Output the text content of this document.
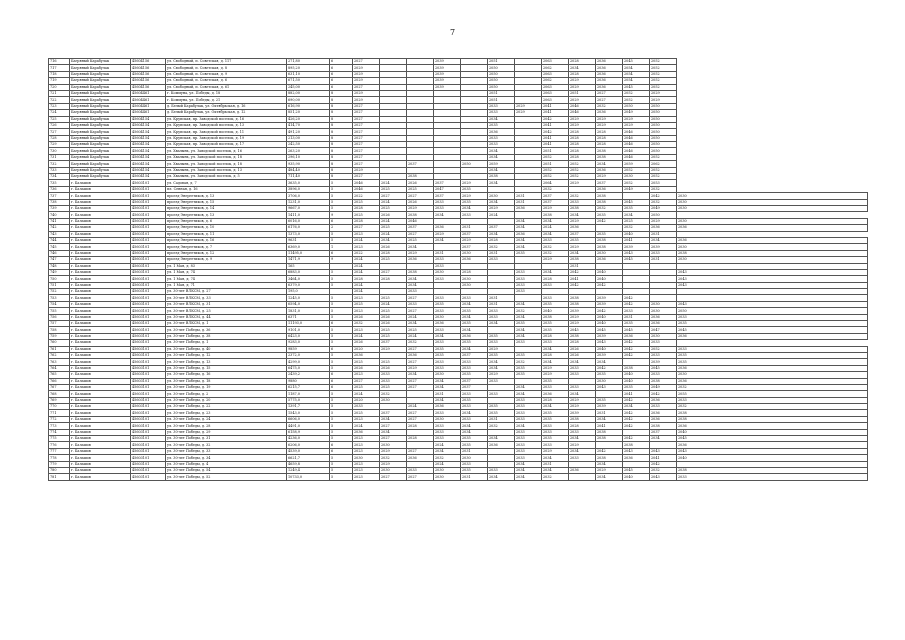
7
716	Багряный Карабулак	45604156	ул. Свободный, п. Советская, д. 117	271,80	6	2027			2039		2051		2063	2028	2036	2045	2052	
717	Багряный Карабулак	45604156	ул. Свободный, п. Советская, д. 8	895,20	6	2029			2039		2050		2062	2034	2036	2054	2052	
718	Багряный Карабулак	45604156	ул. Свободный, п. Советская, д. 9	631,10	6	2029			2039		2050		2063	2028	2036	2054	2052	
719	Багряный Карабулак	45604156	ул. Свободный, п. Советская, д. 6	671,50	6	2029			2039		2050		2062	2029	2036	2054	2052	
720	Багряный Карабулак	45604156	ул. Свободный, п. Советская, д. 61	245,00	6	2027			2039		2050		2063	2029	2036	2045	2052	
721	Багряный Карабулак	45604461	г. Коммуна, ул. Победы, д. 18	882,00	8	2029					2051		2063	2051	2027	2052	2029	
722	Багряный Карабулак	45604461	г. Коммуна, ул. Победы, д. 21	690,00	8	2029					2051		2063	2029	2027	2052	2029	
723	Багряный Карабулак	45604461	д. Белый Карабулак, ул. Октябрьская, д. 16	616,90	8	2027					2033	2029	2041	2046	2032	2050	2050	
724	Багряный Карабулак	45604461	д. Белый Карабулак, ул. Октябрьская, д. 12	851,20	8	2027					2033	2029	2041	2046	2036	2049	2050	
725	Багряный Карабулак	45604154	ул. Крупская, пр. Заводской поселок, д. 16	426,20	8	2027					2034		2042	2029	2029	2029	2050	
726	Багряный Карабулак	45604154	ул. Крупская, пр. Заводской поселок, д. 13	414,70	8	2027					2035		2041	2029	2029	2029	2050	
727	Багряный Карабулак	45604154	ул. Крупская, пр. Заводской поселок, д. 11	491,20	8	2027					2036		2042	2028	2028	2046	2050	
728	Багряный Карабулак	45604154	ул. Крупская, пр. Заводской поселок, д. 19	213,00	8	2027					2033		2041	2028	2028	2046	2050	
729	Багряный Карабулак	45604154	ул. Крупская, пр. Заводской поселок, д. 17	242,50	8	2027					2033		2041	2028	2028	2046	2050	
730	Багряный Карабулак	45604154	ул. Хвалынь, ул. Заводской поселок, д. 16	263,20	8	2027					2034		2051	2028	2038	2046	2050	
731	Багряный Карабулак	45604154	ул. Хвалынь, ул. Заводской поселок, д. 18	296,10	8	2027					2034		2052	2028	2038	2046	2052	
732	Багряный Карабулак	45604154	ул. Хвалынь, ул. Заводской поселок, д. 18	935,90	8	2027		2037		2050	2059		2051	2052	2034	2059	2062	
733	Багряный Карабулак	45604154	ул. Хвалынь, ул. Заводской поселок, д. 13	484,40	8	2029					2034		2052	2052	2036	2052	2052	
734	Багряный Карабулак	45604154	ул. Хвалынь, ул. Заводской поселок, д. 5	711,40	8	2027		2038			2038		2052	2052	2029	2030	2052	
735	г. Балашов	45603101	ул. Садовая, д. 7	3635,0	5	2046	2024	2026	2037	2029	2034		2064	2029	2037	2052	2053	
736	г. Балашов	45603101	пл. Сенная, д. 16	3896,0	5	2046	2025	2025	2047	2035			2032		2036	2049	2032	
737	г. Балашов	45603101	проезд Энергетиков, д. 13	3706,0	5	2022	2027	2027	2037	2029	2030	2031	2037	2032	2038		2042	2030
738	г. Балашов	45603101	проезд Энергетиков, д. 15	1231,0	5	2025	2024	2026	2033	2035	2034	2031	2037	2033	2038	2045	2032	2030
739	г. Балашов	45603101	проезд Энергетиков, д. 14	9667,0	5	2028	2025	2029	2033	2034	2029	2036	2029	2038	2032	2035	2049	2030
740	г. Балашов	45603101	проезд Энергетиков, д. 13	1411,0	9	2025	2026	2038	2034	2033	2024		2038	2034	2035	2034	2050	
741	г. Балашов	45603101	проезд Энергетиков, д. 6	6016,0	6	2028	2024	2046				2034	2034	2029	2042	2025	2029	2030
742	г. Балашов	45603101	проезд Энергетиков, д. 10	6176,0	2	2027	2025	2037	2036	2031	2037	2034	2024	2036		2032	2036	2036
743	г. Балашов	45603101	проезд Энергетиков, д. 11	1373,0	5	2023	2024	2027	2029	2037	2034	2036	2034	2037	2035	2040	2031	
744	г. Балашов	45603101	проезд Энергетиков, д. 16	9631	5	2024	2034	2025	2034	2029	2028	2034	2033	2035	2038	2041	2034	2036
745	г. Балашов	45603101	проезд Энергетиков, д. 7	6369,0	1	2023	2026	2034		2037	2032	2034	2032	2029	2038	2039	2039	2030
746	г. Балашов	45603101	проезд Энергетиков, д. 12	11495,0	6	2022	2028	2029	2031	2030	2031	2035	2032	2034	2030	2043	2033	2038
747	г. Балашов	45603101	проезд Энергетиков, д. 9	1471,9	9	2024	2025	2036	2033	2036	2033		2029	2038	2036	2045	2031	2030
748	г. Балашов	45603101	ул. 1 Мая, д. 83	165		2024			2033					2031				
749	г. Балашов	45603101	ул. 1 Мая, д. 74	6883,0	5	2024	2027	2038	2030	2028		2033	2034	2042	2040			2043
750	г. Балашов	45603101	ул. 1 Мая, д. 74	3464,0	5	2028	2028	2034	2033	2030		2033	2028	2041	2040			2043
751	г. Балашов	45603101	ул. 1 Мая, д. 71	6379,0	5	2024		2034		2030		2033	2033	2042	2042			2043
752	г. Балашов	45603101	ул. 30-лет ВЛКСМ, д. 27	195,0		2024		2033				2033						
753	г. Балашов	45603101	ул. 30-лет ВЛКСМ, д. 33	1245,0	5	2023	2025	2027	2033	2033	2031		2033	2038	2039	2042		
754	г. Балашов	45603101	ул. 30-лет ВЛКСМ, д. 31	6594,0	5	2025	2024	2033	2035	2034	2031	2034	2035	2038	2039	2042	2030	2043
755	г. Балашов	45603101	ул. 30-лет ВЛКСМ, д. 25	1831,0	5	2023	2025	2027	2033	2035	2033	2032	2040	2039	2042	2033	2030	2050
756	г. Балашов	45603101	ул. 30-лет ВЛКСМ, д. 44	6371	5	2026	2026	2024	2030	2034	2033	2034	2038	2029	2040	2031	2036	2033
757	г. Балашов	45603101	ул. 30-лет ВЛКСМ, д. 1	11193,0	6	2032	2026	2034	2036	2035	2034	2035	2035	2029	2040	2035	2036	2035
758	г. Балашов	45603101	ул. 30-лет Победы, д. 36	9101,0	5	2023	2025	2025	2033	2034		2034	2035	2045	2045	2045	2047	2045
759	г. Балашов	45603101	ул. 30-лет Победы, д. 38	6423,0	5	2024	2025	2024	2034	2036	2035	2034	2028	2038	2039	2036	2030	2036
760	г. Балашов	45603101	ул. 30-лет Победы, д. 1	9283,0	5	2026	2037	2032	2033	2035	2033	2033	2033	2028	2043	2042	2033	
761	г. Балашов	45603101	ул. 30-лет Победы, д. 40	9859	6	2020	2029	2027	2035	2034	2029		2034	2026	2040	2042	2052	2033
762	г. Балашов	45603101	ул. 30-лет Победы, д. 12	2372,0	5	2036		2036	2035	2037	2035	2035	2028	2026	2039	2042	2033	2035
763	г. Балашов	45603101	ул. 30-лет Победы, д. 13	4299,0	5	2025	2025	2027	2033	2033	2034	2032	2034	2034	2034		2039	2035
764	г. Балашов	45603101	ул. 30-лет Победы, д. 15	6475,0	5	2026	2026	2029	2033	2033	2034	2035	2029	2033	2042	2038	2045	2036
765	г. Балашов	45603101	ул. 30-лет Победы, д. 16	2439,2	6	2023	2033	2034	2030	2035	2029	2035	2029	2033	2035	2040	2033	2030
766	г. Балашов	45603101	ул. 30-лет Победы, д. 18	9880	6	2027	2033	2027	2034	2037	2033		2035		2030	2040	2038	2036
767	г. Балашов	45603101	ул. 30-лет Победы, д. 19	6215,7	6	2025	2025	2027	2034	2037		2034	2033	2033	2043	2035	2049	2032
768	г. Балашов	45603101	ул. 30-лет Победы, д. 2	1187,0	5	2024	2032		2031	2033	2033	2034	2036	2034		2041	2042	2055
769	г. Балашов	45603101	ул. 30-лет Победы, д. 20	5775,0	5	2020	2030		2034	2035		2033	2028	2029	2035	2042	2036	2033
770	г. Балашов	45603101	ул. 30-лет Победы, д. 22	1391,7	5	2033		2024	2036	2033	2035	2033	2034	2029	2039	2034	2033	2032
771	г. Балашов	45603101	ул. 30-лет Победы, д. 23	1543,0	5	2025	2037	2027	2033	2034	2035	2033	2035	2039	2031	2042	2036	2038
772	г. Балашов	45603101	ул. 30-лет Победы, д. 24	6606,0	5	2023	2034	2027	2030	2033	2031	2033	2035	2038	2034	2042	2036	2038
773	г. Балашов	45603101	ул. 30-лет Победы, д. 28	4491,0	5	2024	2027	2028	2033	2034	2032	2034	2033	2028	2041	2042	2038	2036
774	г. Балашов	45603101	ул. 30-лет Победы, д. 29	6158,9	5	2036	2034		2033	2034		2033	2033	2033	2038		2037	2040
775	г. Балашов	45603101	ул. 30-лет Победы, д. 31	4236,0	5	2023	2027	2028	2033	2035	2034	2033	2035	2034	2038	2042	2034	2045
776	г. Балашов	45603101	ул. 30-лет Победы, д. 32	6206,0	6	2023	2030		2024	2035	2036	2033	2033	2029		2038		2036
777	г. Балашов	45603101	ул. 30-лет Победы, д. 33	4539,0	6	2023	2029	2027	2034	2031		2033	2029	2034	2042	2043	2043	2043
778	г. Балашов	45603101	ул. 30-лет Победы, д. 34	6621,7	5	2030	2032	2036	2032	2030		2033	2034	2033	2038	2036	2041	2040
779	г. Балашов	45603101	ул. 30-лет Победы, д. 4	4659,8	5	2023	2029		2024	2033		2034	2031		2034		2042	
780	г. Балашов	45603101	ул. 30-лет Победы, д. 54	1249,4	5	2023	2030	2033	2030	2035	2033	2034	2034	2036	2029	2045	2032	2038
781	г. Балашов	45603101	ул. 30-лет Победы, д. 52	10733,0	5	2023	2027	2027	2030	2031	2034	2034	2032		2034	2040	2043	2033
